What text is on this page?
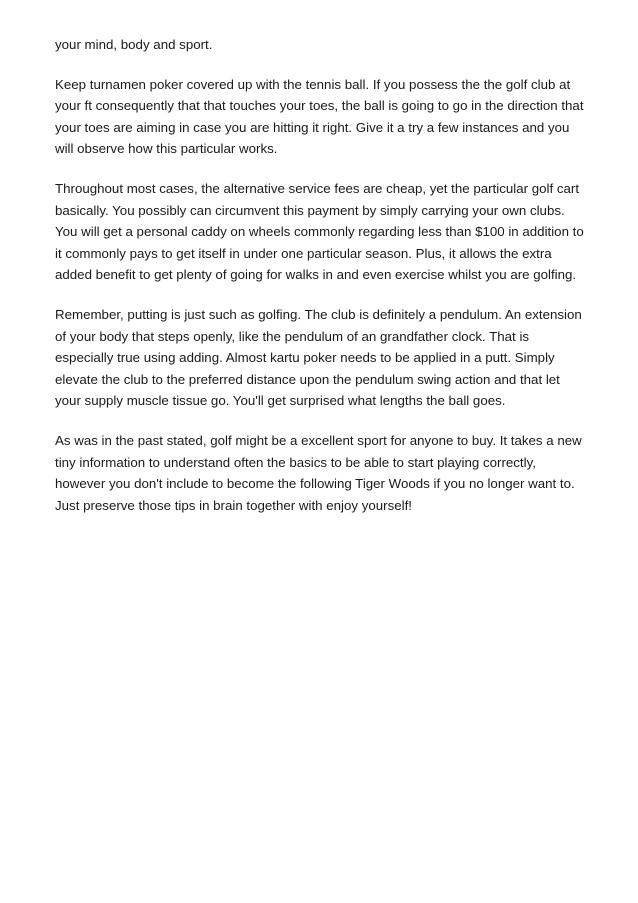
your mind, body and sport.

Keep turnamen poker covered up with the tennis ball. If you possess the the golf club at your ft consequently that that touches your toes, the ball is going to go in the direction that your toes are aiming in case you are hitting it right. Give it a try a few instances and you will observe how this particular works.

Throughout most cases, the alternative service fees are cheap, yet the particular golf cart basically. You possibly can circumvent this payment by simply carrying your own clubs. You will get a personal caddy on wheels commonly regarding less than $100 in addition to it commonly pays to get itself in under one particular season. Plus, it allows the extra added benefit to get plenty of going for walks in and even exercise whilst you are golfing.

Remember, putting is just such as golfing. The club is definitely a pendulum. An extension of your body that steps openly, like the pendulum of an grandfather clock. That is especially true using adding. Almost kartu poker needs to be applied in a putt. Simply elevate the club to the preferred distance upon the pendulum swing action and that let your supply muscle tissue go. You'll get surprised what lengths the ball goes.

As was in the past stated, golf might be a excellent sport for anyone to buy. It takes a new tiny information to understand often the basics to be able to start playing correctly, however you don't include to become the following Tiger Woods if you no longer want to. Just preserve those tips in brain together with enjoy yourself!
